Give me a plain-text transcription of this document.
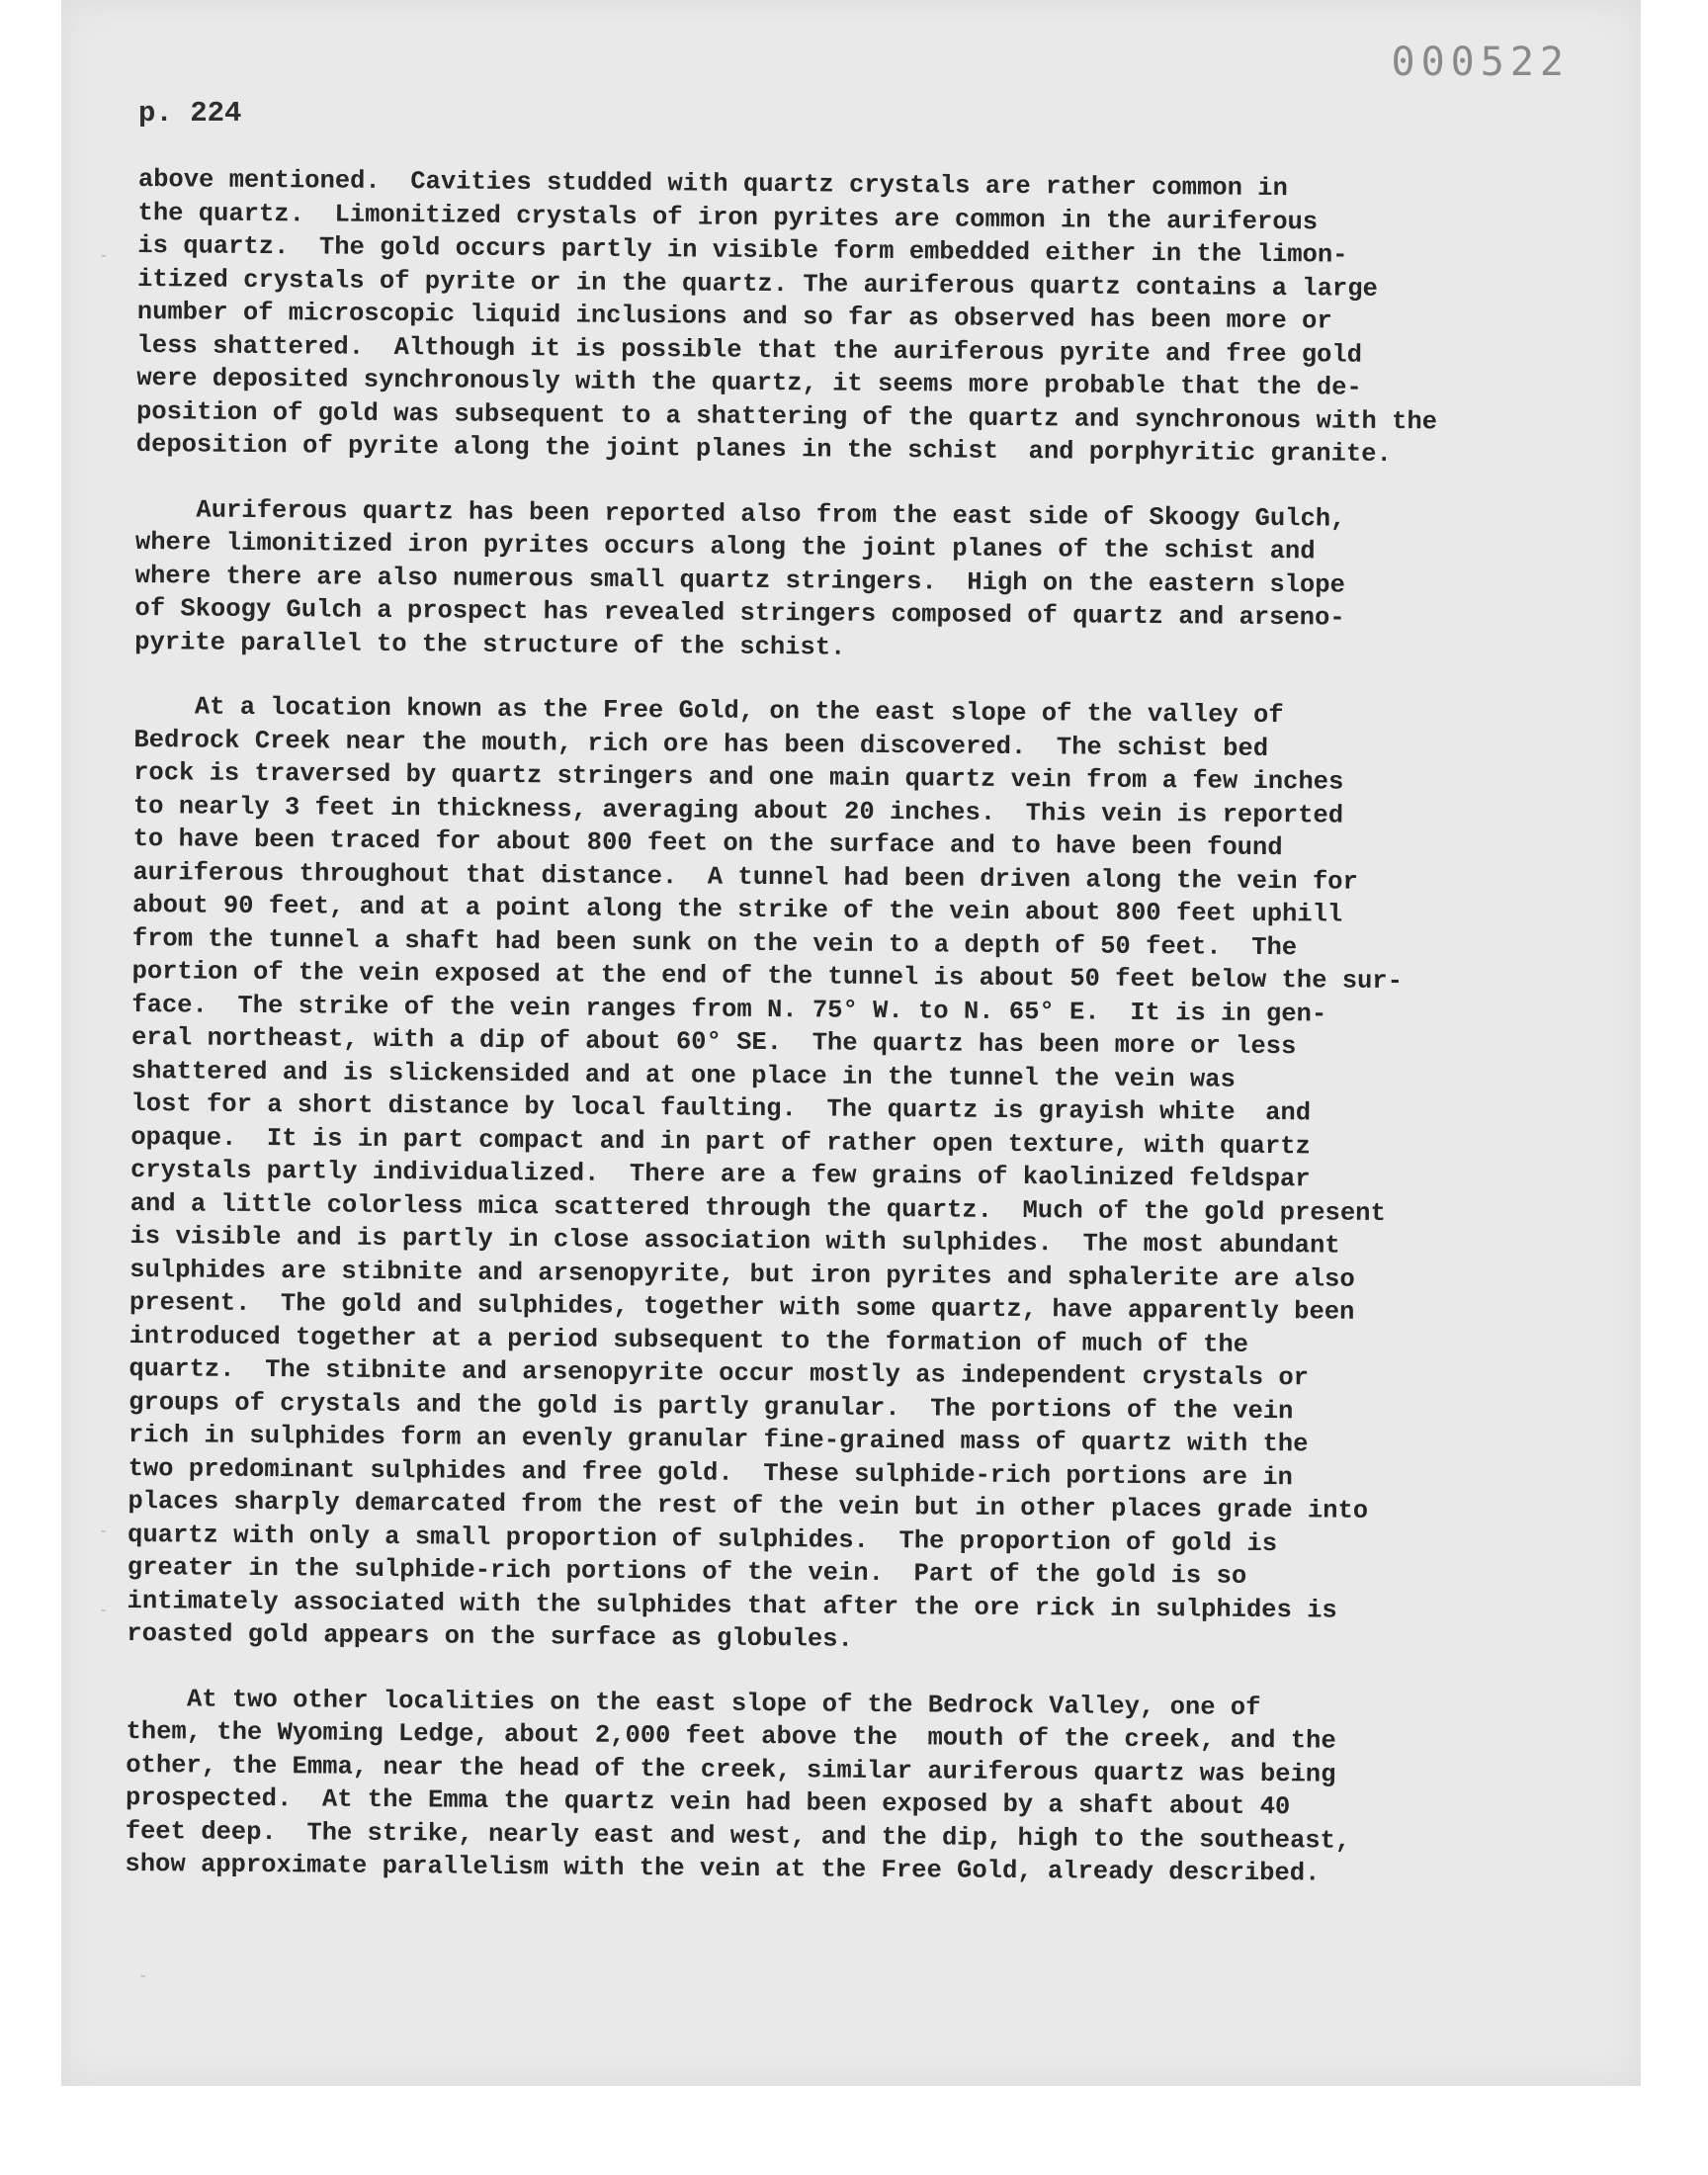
-
-
-
-
000522
p. 224
above mentioned.  Cavities studded with quartz crystals are rather common in
the quartz.  Limonitized crystals of iron pyrites are common in the auriferous
is quartz.  The gold occurs partly in visible form embedded either in the limon-
itized crystals of pyrite or in the quartz. The auriferous quartz contains a large
number of microscopic liquid inclusions and so far as observed has been more or
less shattered.  Although it is possible that the auriferous pyrite and free gold
were deposited synchronously with the quartz, it seems more probable that the de-
position of gold was subsequent to a shattering of the quartz and synchronous with the
deposition of pyrite along the joint planes in the schist  and porphyritic granite.
Auriferous quartz has been reported also from the east side of Skoogy Gulch,
where limonitized iron pyrites occurs along the joint planes of the schist and
where there are also numerous small quartz stringers.  High on the eastern slope
of Skoogy Gulch a prospect has revealed stringers composed of quartz and arseno-
pyrite parallel to the structure of the schist.
At a location known as the Free Gold, on the east slope of the valley of
Bedrock Creek near the mouth, rich ore has been discovered.  The schist bed
rock is traversed by quartz stringers and one main quartz vein from a few inches
to nearly 3 feet in thickness, averaging about 20 inches.  This vein is reported
to have been traced for about 800 feet on the surface and to have been found
auriferous throughout that distance.  A tunnel had been driven along the vein for
about 90 feet, and at a point along the strike of the vein about 800 feet uphill
from the tunnel a shaft had been sunk on the vein to a depth of 50 feet.  The
portion of the vein exposed at the end of the tunnel is about 50 feet below the sur-
face.  The strike of the vein ranges from N. 75° W. to N. 65° E.  It is in gen-
eral northeast, with a dip of about 60° SE.  The quartz has been more or less
shattered and is slickensided and at one place in the tunnel the vein was
lost for a short distance by local faulting.  The quartz is grayish white  and
opaque.  It is in part compact and in part of rather open texture, with quartz
crystals partly individualized.  There are a few grains of kaolinized feldspar
and a little colorless mica scattered through the quartz.  Much of the gold present
is visible and is partly in close association with sulphides.  The most abundant
sulphides are stibnite and arsenopyrite, but iron pyrites and sphalerite are also
present.  The gold and sulphides, together with some quartz, have apparently been
introduced together at a period subsequent to the formation of much of the
quartz.  The stibnite and arsenopyrite occur mostly as independent crystals or
groups of crystals and the gold is partly granular.  The portions of the vein
rich in sulphides form an evenly granular fine-grained mass of quartz with the
two predominant sulphides and free gold.  These sulphide-rich portions are in
places sharply demarcated from the rest of the vein but in other places grade into
quartz with only a small proportion of sulphides.  The proportion of gold is
greater in the sulphide-rich portions of the vein.  Part of the gold is so
intimately associated with the sulphides that after the ore rick in sulphides is
roasted gold appears on the surface as globules.
At two other localities on the east slope of the Bedrock Valley, one of
them, the Wyoming Ledge, about 2,000 feet above the  mouth of the creek, and the
other, the Emma, near the head of the creek, similar auriferous quartz was being
prospected.  At the Emma the quartz vein had been exposed by a shaft about 40
feet deep.  The strike, nearly east and west, and the dip, high to the southeast,
show approximate parallelism with the vein at the Free Gold, already described.
